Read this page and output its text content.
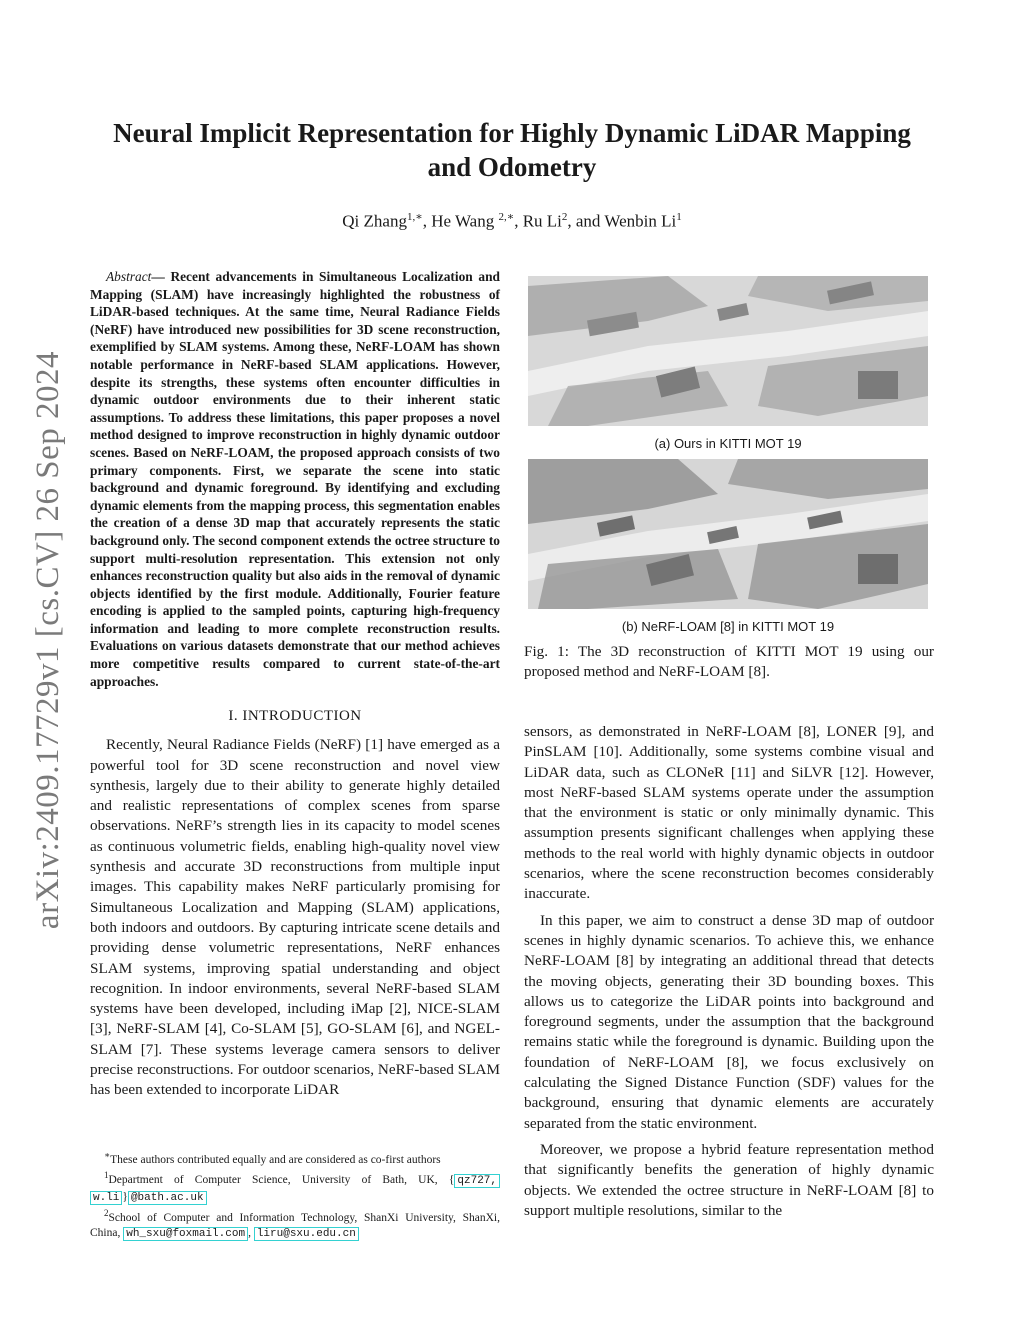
arXiv:2409.17729v1 [cs.CV] 26 Sep 2024
Neural Implicit Representation for Highly Dynamic LiDAR Mapping and Odometry
Qi Zhang$^{1,∗}$, He Wang $^{2,∗}$, Ru Li$^2$, and Wenbin Li$^1$
Abstract— Recent advancements in Simultaneous Localization and Mapping (SLAM) have increasingly highlighted the robustness of LiDAR-based techniques. At the same time, Neural Radiance Fields (NeRF) have introduced new possibilities for 3D scene reconstruction, exemplified by SLAM systems. Among these, NeRF-LOAM has shown notable performance in NeRF-based SLAM applications. However, despite its strengths, these systems often encounter difficulties in dynamic outdoor environments due to their inherent static assumptions. To address these limitations, this paper proposes a novel method designed to improve reconstruction in highly dynamic outdoor scenes. Based on NeRF-LOAM, the proposed approach consists of two primary components. First, we separate the scene into static background and dynamic foreground. By identifying and excluding dynamic elements from the mapping process, this segmentation enables the creation of a dense 3D map that accurately represents the static background only. The second component extends the octree structure to support multi-resolution representation. This extension not only enhances reconstruction quality but also aids in the removal of dynamic objects identified by the first module. Additionally, Fourier feature encoding is applied to the sampled points, capturing high-frequency information and leading to more complete reconstruction results. Evaluations on various datasets demonstrate that our method achieves more competitive results compared to current state-of-the-art approaches.
I. INTRODUCTION

Recently, Neural Radiance Fields (NeRF) [1] have emerged as a powerful tool for 3D scene reconstruction and novel view synthesis, largely due to their ability to generate highly detailed and realistic representations of complex scenes from sparse observations. NeRF’s strength lies in its capacity to model scenes as continuous volumetric fields, enabling high-quality novel view synthesis and accurate 3D reconstructions from multiple input images. This capability makes NeRF particularly promising for Simultaneous Localization and Mapping (SLAM) applications, both indoors and outdoors. By capturing intricate scene details and providing dense volumetric representations, NeRF enhances SLAM systems, improving spatial understanding and object recognition. In indoor environments, several NeRF-based SLAM systems have been developed, including iMap [2], NICE-SLAM [3], NeRF-SLAM [4], Co-SLAM [5], GO-SLAM [6], and NGEL-SLAM [7]. These systems leverage camera sensors to deliver precise reconstructions. For outdoor scenarios, NeRF-based SLAM has been extended to incorporate LiDAR

(a) Ours in KITTI MOT 19
(b) NeRF-LOAM [8] in KITTI MOT 19
Fig. 1: The 3D reconstruction of KITTI MOT 19 using our proposed method and NeRF-LOAM [8].

sensors, as demonstrated in NeRF-LOAM [8], LONER [9], and PinSLAM [10]. Additionally, some systems combine visual and LiDAR data, such as CLONeR [11] and SiLVR [12]. However, most NeRF-based SLAM systems operate under the assumption that the environment is static or only minimally dynamic. This assumption presents significant challenges when applying these methods to the real world with highly dynamic objects in outdoor scenarios, where the scene reconstruction becomes considerably inaccurate.

In this paper, we aim to construct a dense 3D map of outdoor scenes in highly dynamic scenarios. To achieve this, we enhance NeRF-LOAM [8] by integrating an additional thread that detects the moving objects, generating their 3D bounding boxes. This allows us to categorize the LiDAR points into background and foreground segments, under the assumption that the background remains static while the foreground is dynamic. Building upon the foundation of NeRF-LOAM [8], we focus exclusively on calculating the Signed Distance Function (SDF) values for the background, ensuring that dynamic elements are accurately separated from the static environment.

Moreover, we propose a hybrid feature representation method that significantly benefits the generation of highly dynamic objects. We extended the octree structure in NeRF-LOAM [8] to support multiple resolutions, similar to the

∗These authors contributed equally and are considered as co-first authors
$^1$Department of Computer Science, University of Bath, UK, { qz727, w.li } @bath.ac.uk
$^2$School of Computer and Information Technology, ShanXi University, ShanXi, China, wh_sxu@foxmail.com , liru@sxu.edu.cn
